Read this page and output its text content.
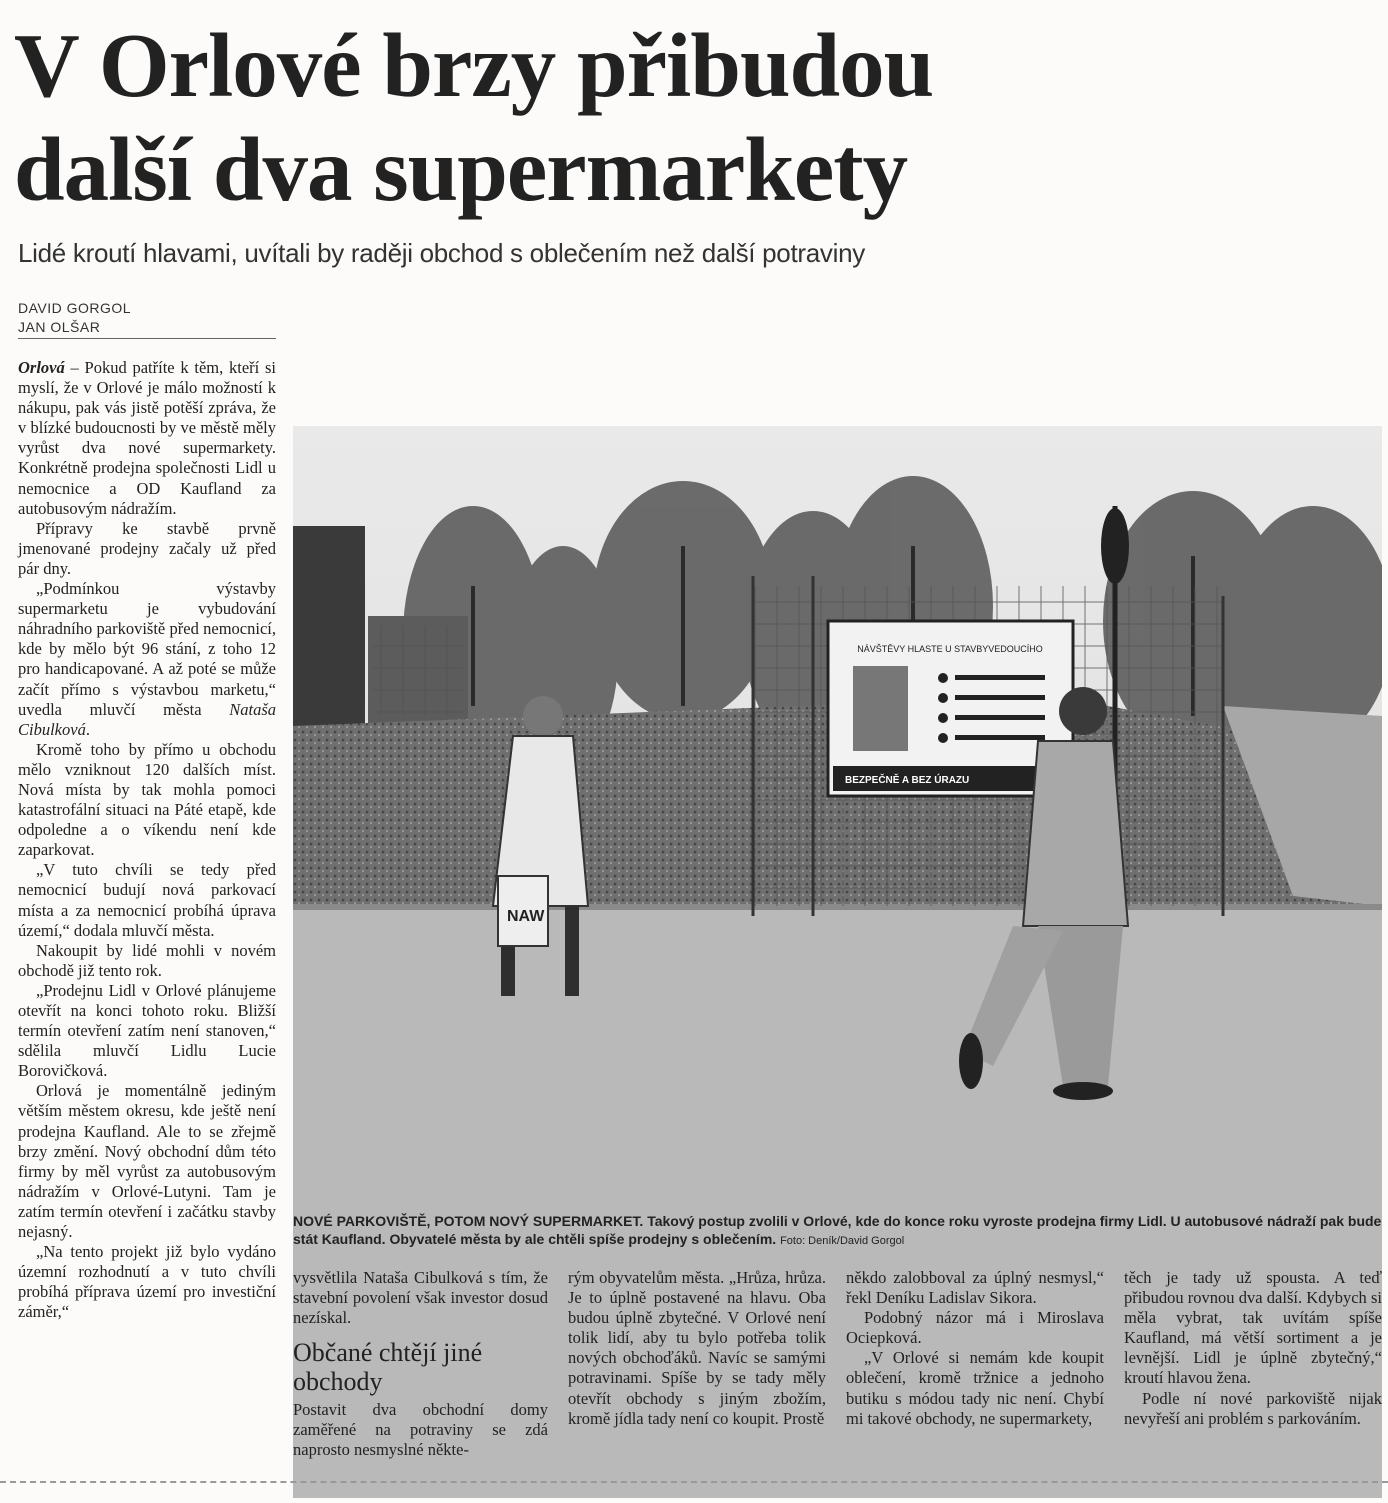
V Orlové brzy přibudou
další dva supermarkety

Lidé kroutí hlavami, uvítali by raději obchod s oblečením než další potraviny

DAVID GORGOL
JAN OLŠAR

Orlová – Pokud patříte k těm, kteří si myslí, že v Orlové je málo možností k nákupu, pak vás jistě potěší zpráva, že v blízké budoucnosti by ve městě měly vyrůst dva nové supermarkety. Konkrétně prodejna společnosti Lidl u nemocnice a OD Kaufland za autobusovým nádražím.

Přípravy ke stavbě prvně jmenované prodejny začaly už před pár dny.

„Podmínkou výstavby supermarketu je vybudování náhradního parkoviště před nemocnicí, kde by mělo být 96 stání, z toho 12 pro handicapované. A až poté se může začít přímo s výstavbou marketu,“ uvedla mluvčí města Nataša Cibulková.

Kromě toho by přímo u obchodu mělo vzniknout 120 dalších míst. Nová místa by tak mohla pomoci katastrofální situaci na Páté etapě, kde odpoledne a o víkendu není kde zaparkovat.

„V tuto chvíli se tedy před nemocnicí budují nová parkovací místa a za nemocnicí probíhá úprava území,“ dodala mluvčí města.

Nakoupit by lidé mohli v novém obchodě již tento rok.

„Prodejnu Lidl v Orlové plánujeme otevřít na konci tohoto roku. Bližší termín otevření zatím není stanoven,“ sdělila mluvčí Lidlu Lucie Borovičková.

Orlová je momentálně jediným větším městem okresu, kde ještě není prodejna Kaufland. Ale to se zřejmě brzy změní. Nový obchodní dům této firmy by měl vyrůst za autobusovým nádražím v Orlové-Lutyni. Tam je zatím termín otevření i začátku stavby nejasný.

„Na tento projekt již bylo vydáno územní rozhodnutí a v tuto chvíli probíhá příprava území pro investiční záměr,“

NÁVŠTĚVY HLASTE U STAVBYVEDOUCÍHO
BEZPEČNĚ A BEZ ÚRAZU
NAW
NOVÉ PARKOVIŠTĚ, POTOM NOVÝ SUPERMARKET. Takový postup zvolili v Orlové, kde do konce roku vyroste prodejna firmy Lidl. U autobusové nádraží pak bude stát Kaufland. Obyvatelé města by ale chtěli spíše prodejny s oblečením. Foto: Deník/David Gorgol

vysvětlila Nataša Cibulková s tím, že stavební povolení však investor dosud nezískal.

Občané chtějí jiné obchody

Postavit dva obchodní domy zaměřené na potraviny se zdá naprosto nesmyslné někte-

rým obyvatelům města. „Hrůza, hrůza. Je to úplně postavené na hlavu. Oba budou úplně zbytečné. V Orlové není tolik lidí, aby tu bylo potřeba tolik nových obchoďáků. Navíc se samými potravinami. Spíše by se tady měly otevřít obchody s jiným zbožím, kromě jídla tady není co koupit. Prostě

někdo zalobboval za úplný nesmysl,“ řekl Deníku Ladislav Sikora.

Podobný názor má i Miroslava Ociepková.

„V Orlové si nemám kde koupit oblečení, kromě tržnice a jednoho butiku s módou tady nic není. Chybí mi takové obchody, ne supermarkety,

těch je tady už spousta. A teď přibudou rovnou dva další. Kdybych si měla vybrat, tak uvítám spíše Kaufland, má větší sortiment a je levnější. Lidl je úplně zbytečný,“ kroutí hlavou žena.

Podle ní nové parkoviště nijak nevyřeší ani problém s parkováním.
